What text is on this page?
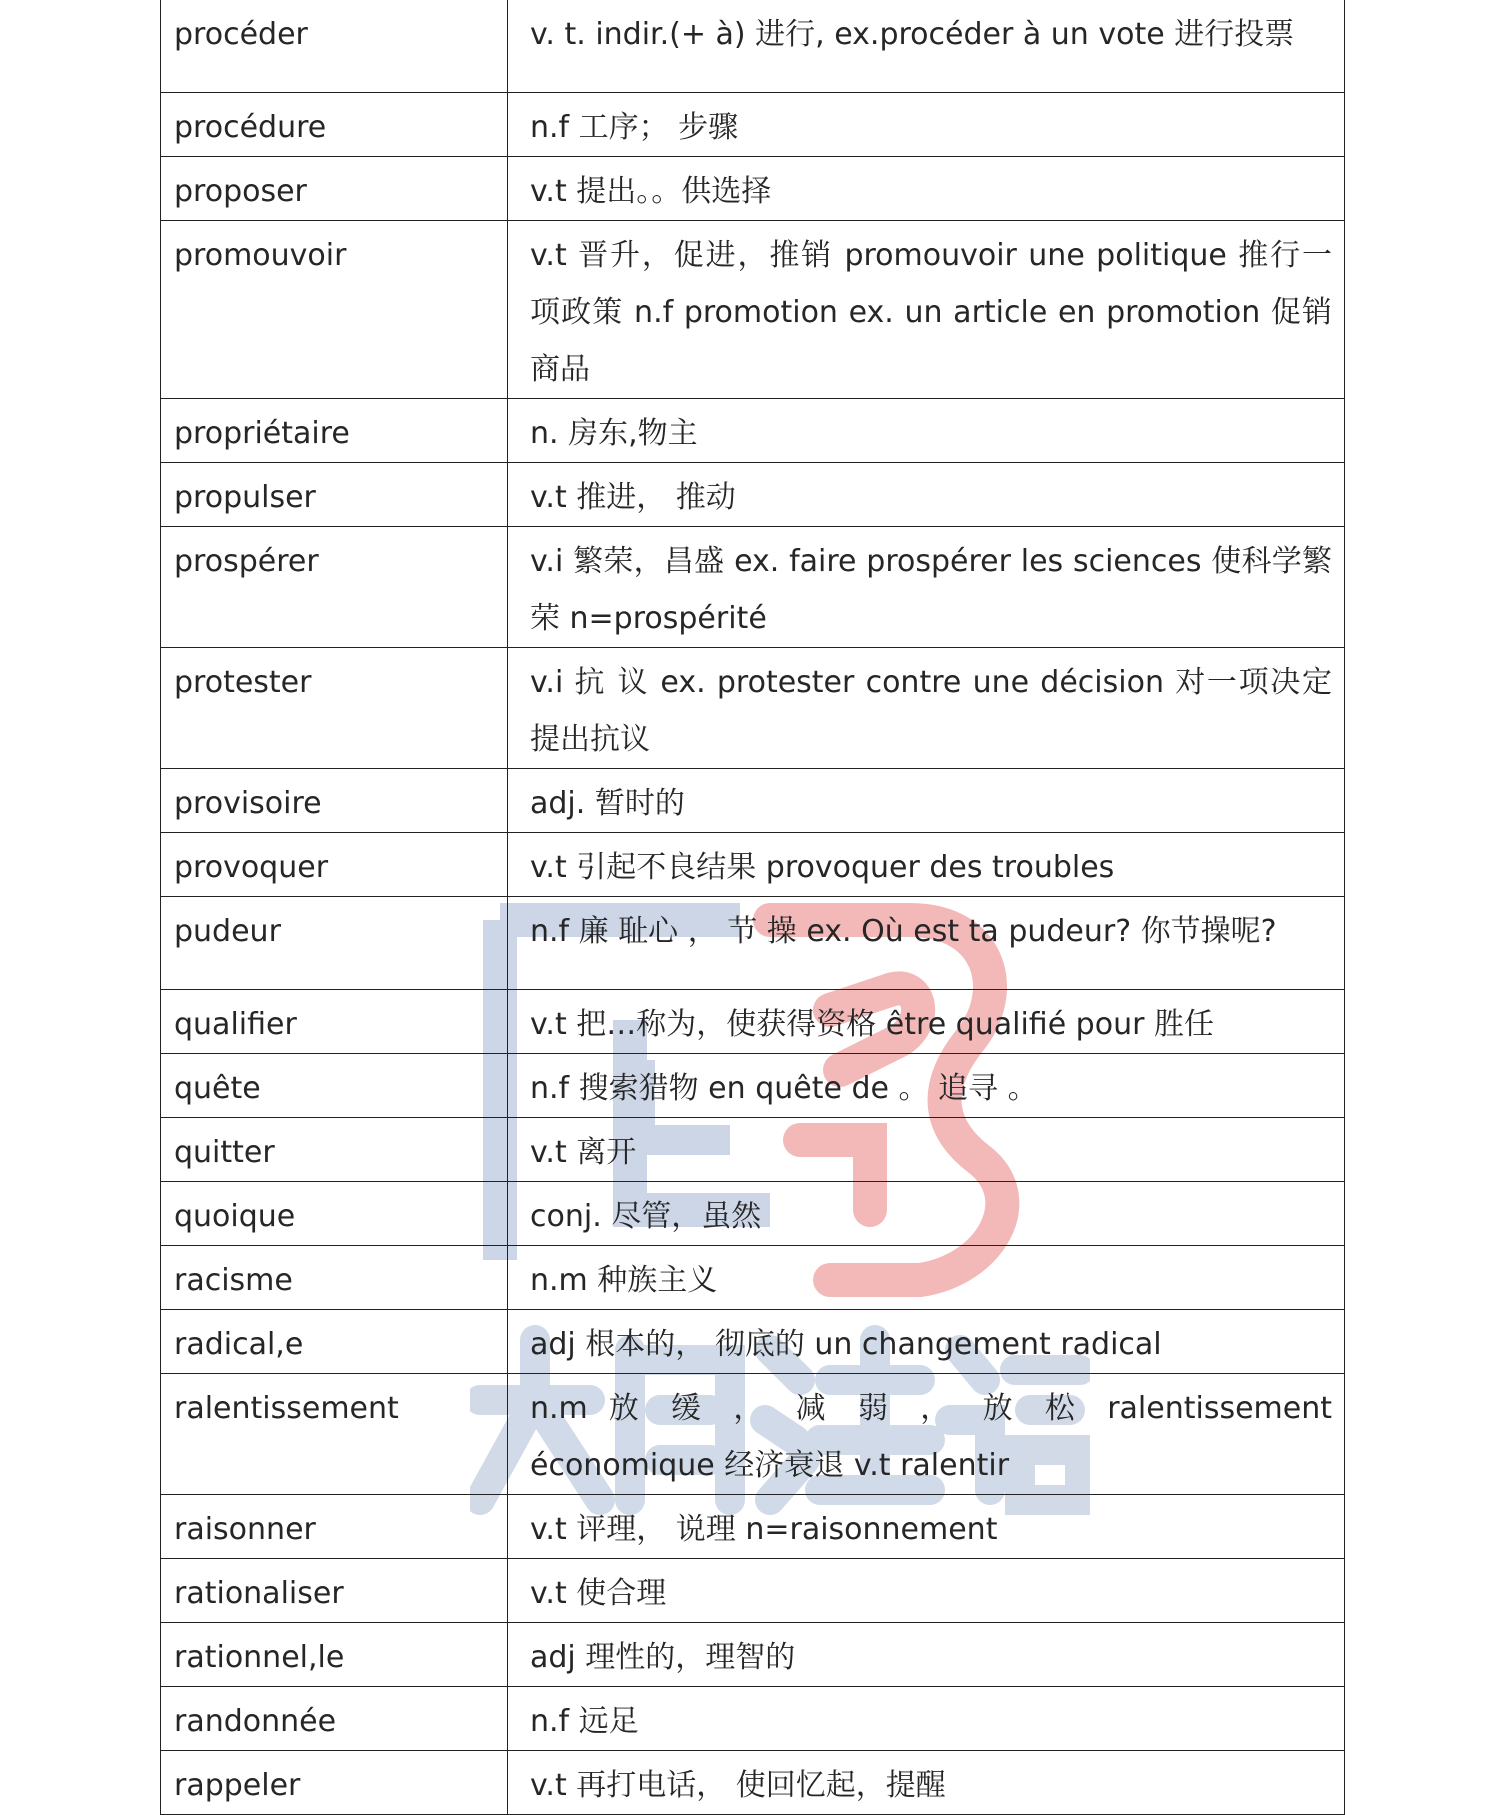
procéder	v. t. indir.(+ à) 进行, ex.procéder à un vote 进行投票
procédure	n.f 工序； 步骤
proposer	v.t 提出。。供选择
promouvoir	v.t 晋升，促进，推销 promouvoir une politique 推行一项政策 n.f promotion ex. un article en promotion 促销商品
propriétaire	n. 房东,物主
propulser	v.t 推进， 推动
prospérer	v.i 繁荣，昌盛 ex. faire prospérer les sciences 使科学繁荣 n=prospérité
protester	v.i 抗 议 ex. protester contre une décision 对一项决定提出抗议
provisoire	adj. 暂时的
provoquer	v.t 引起不良结果 provoquer des troubles
pudeur	n.f 廉 耻心 ， 节 操 ex. Où est ta pudeur? 你节操呢?
qualifier	v.t 把…称为，使获得资格 être qualifié pour 胜任
quête	n.f 搜索猎物 en quête de 。 追寻 。
quitter	v.t 离开
quoique	conj. 尽管，虽然
racisme	n.m 种族主义
radical,e	adj 根本的， 彻底的 un changement radical
ralentissement	n.m 放 缓 ， 减 弱 ， 放 松 ralentissement économique 经济衰退 v.t ralentir
raisonner	v.t 评理， 说理 n=raisonnement
rationaliser	v.t 使合理
rationnel,le	adj 理性的，理智的
randonnée	n.f 远足
rappeler	v.t 再打电话， 使回忆起，提醒
